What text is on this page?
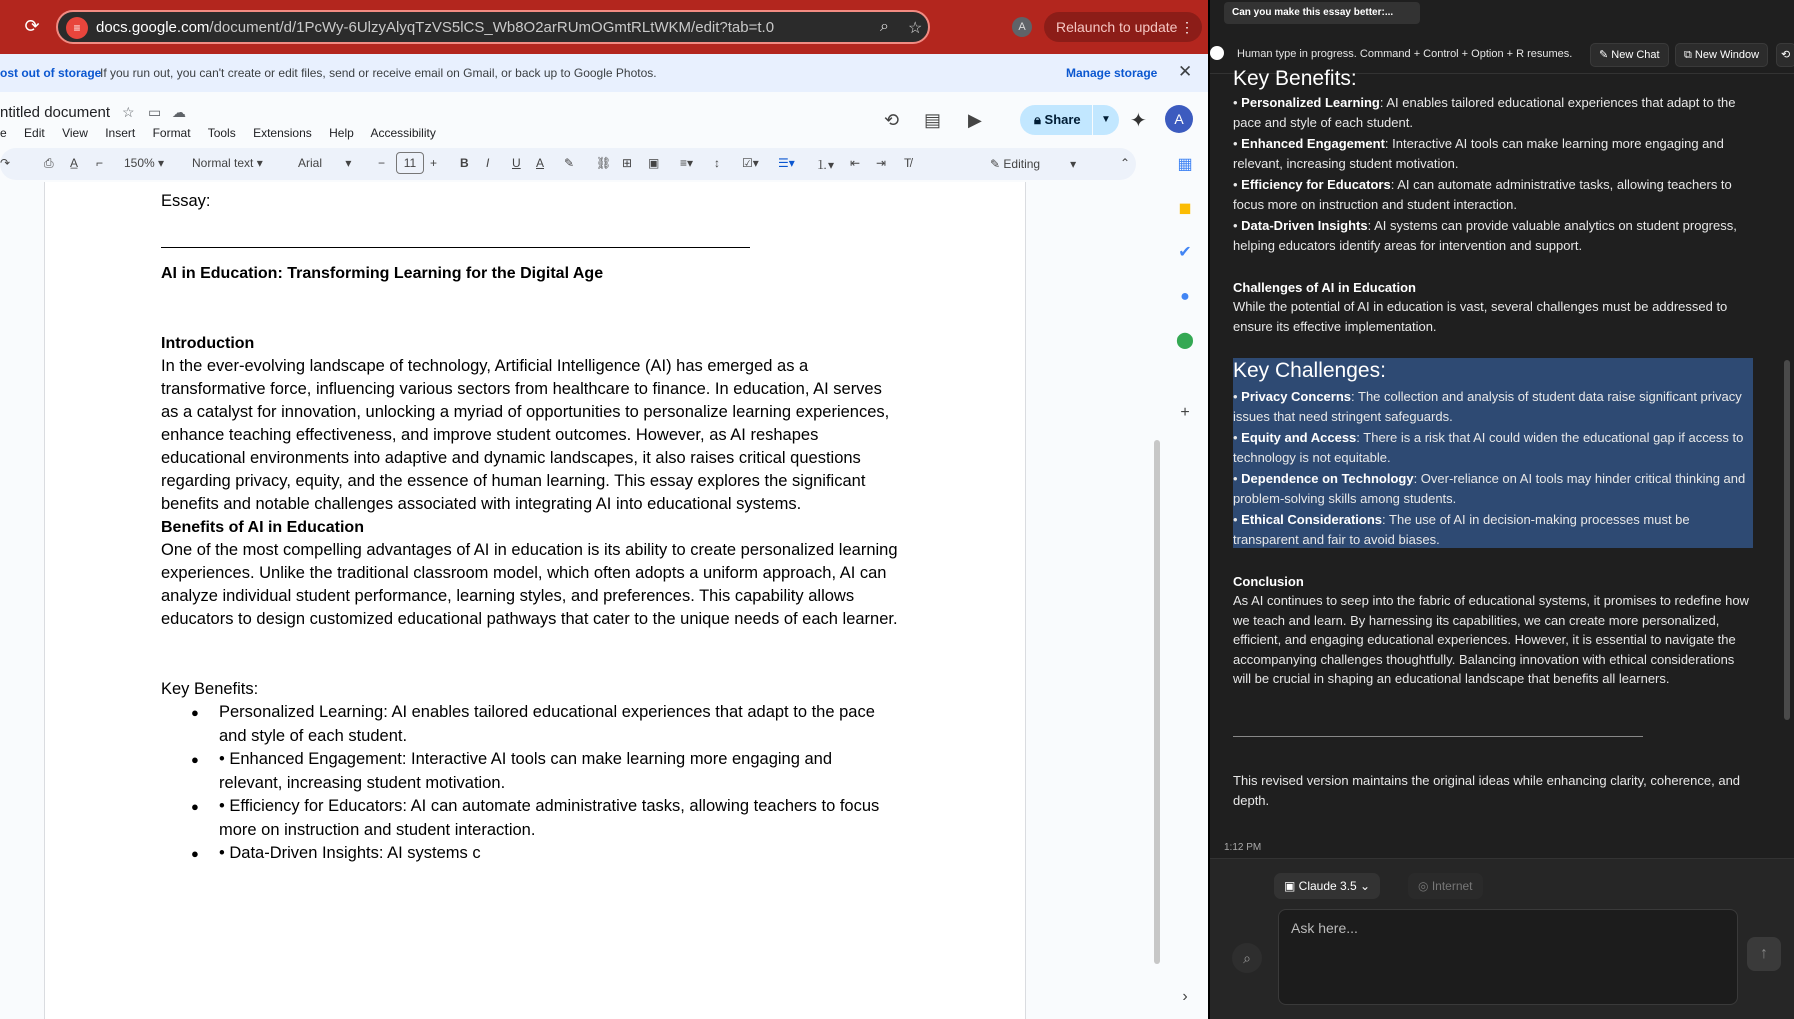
⟳	≡	docs.google.com/document/d/1PcWy-6UlzyAlyqTzVS5lCS_Wb8O2arRUmOGmtRLtWKM/edit?tab=t.0	⌕ ☆	A	Relaunch to update ⋮
ost out of storage
If you run out, you can't create or edit files, send or receive email on Gmail, or back up to Google Photos.	Manage storage ✕
ntitled document ☆ ▭ ☁
e Edit View Insert Format Tools Extensions Help Accessibility
⟲ ▤ ▶	🔒︎ Share	▼ ✦	A
↷	⎙ A̲ ⌐ 150% ▾ Normal text ▾	Arial       ▾ −	11	+ B I U A ✎ ⛓ ⊞ ▣ ≡▾ ↕ ☑▾ ☰▾ ⒈▾ ⇤ ⇥ T̸	✎ Editing         ▾	⌃	▦
◼
✔
●
⬤
+
›
Essay:
AI in Education: Transforming Learning for the Digital Age
Introduction

In the ever-evolving landscape of technology, Artificial Intelligence (AI) has emerged as a transformative force, influencing various sectors from healthcare to finance. In education, AI serves as a catalyst for innovation, unlocking a myriad of opportunities to personalize learning experiences, enhance teaching effectiveness, and improve student outcomes. However, as AI reshapes educational environments into adaptive and dynamic landscapes, it also raises critical questions regarding privacy, equity, and the essence of human learning. This essay explores the significant benefits and notable challenges associated with integrating AI into educational systems.

Benefits of AI in Education

One of the most compelling advantages of AI in education is its ability to create personalized learning experiences. Unlike the traditional classroom model, which often adopts a uniform approach, AI can analyze individual student performance, learning styles, and preferences. This capability allows educators to design customized educational pathways that cater to the unique needs of each learner.

Key Benefits:
● Personalized Learning: AI enables tailored educational experiences that adapt to the pace and style of each student.
● • Enhanced Engagement: Interactive AI tools can make learning more engaging and relevant, increasing student motivation.
● • Efficiency for Educators: AI can automate administrative tasks, allowing teachers to focus more on instruction and student interaction.
● • Data-Driven Insights: AI systems c
Can you make this essay better:...
Human type in progress. Command + Control + Option + R resumes.	✎ New Chat	⧉ New Window	⟲
Key Benefits:
• Personalized Learning: AI enables tailored educational experiences that adapt to the pace and style of each student.
• Enhanced Engagement: Interactive AI tools can make learning more engaging and relevant, increasing student motivation.
• Efficiency for Educators: AI can automate administrative tasks, allowing teachers to focus more on instruction and student interaction.
• Data-Driven Insights: AI systems can provide valuable analytics on student progress, helping educators identify areas for intervention and support.
Challenges of AI in Education
While the potential of AI in education is vast, several challenges must be addressed to ensure its effective implementation.
Key Challenges:
• Privacy Concerns: The collection and analysis of student data raise significant privacy issues that need stringent safeguards.
• Equity and Access: There is a risk that AI could widen the educational gap if access to technology is not equitable.
• Dependence on Technology: Over-reliance on AI tools may hinder critical thinking and problem-solving skills among students.
• Ethical Considerations: The use of AI in decision-making processes must be transparent and fair to avoid biases.
Conclusion
As AI continues to seep into the fabric of educational systems, it promises to redefine how we teach and learn. By harnessing its capabilities, we can create more personalized, efficient, and engaging educational experiences. However, it is essential to navigate the accompanying challenges thoughtfully. Balancing innovation with ethical considerations will be crucial in shaping an educational landscape that benefits all learners.
This revised version maintains the original ideas while enhancing clarity, coherence, and depth.
1:12 PM
▣ Claude 3.5 ⌄	◎ Internet
⌕
Ask here...	↑
